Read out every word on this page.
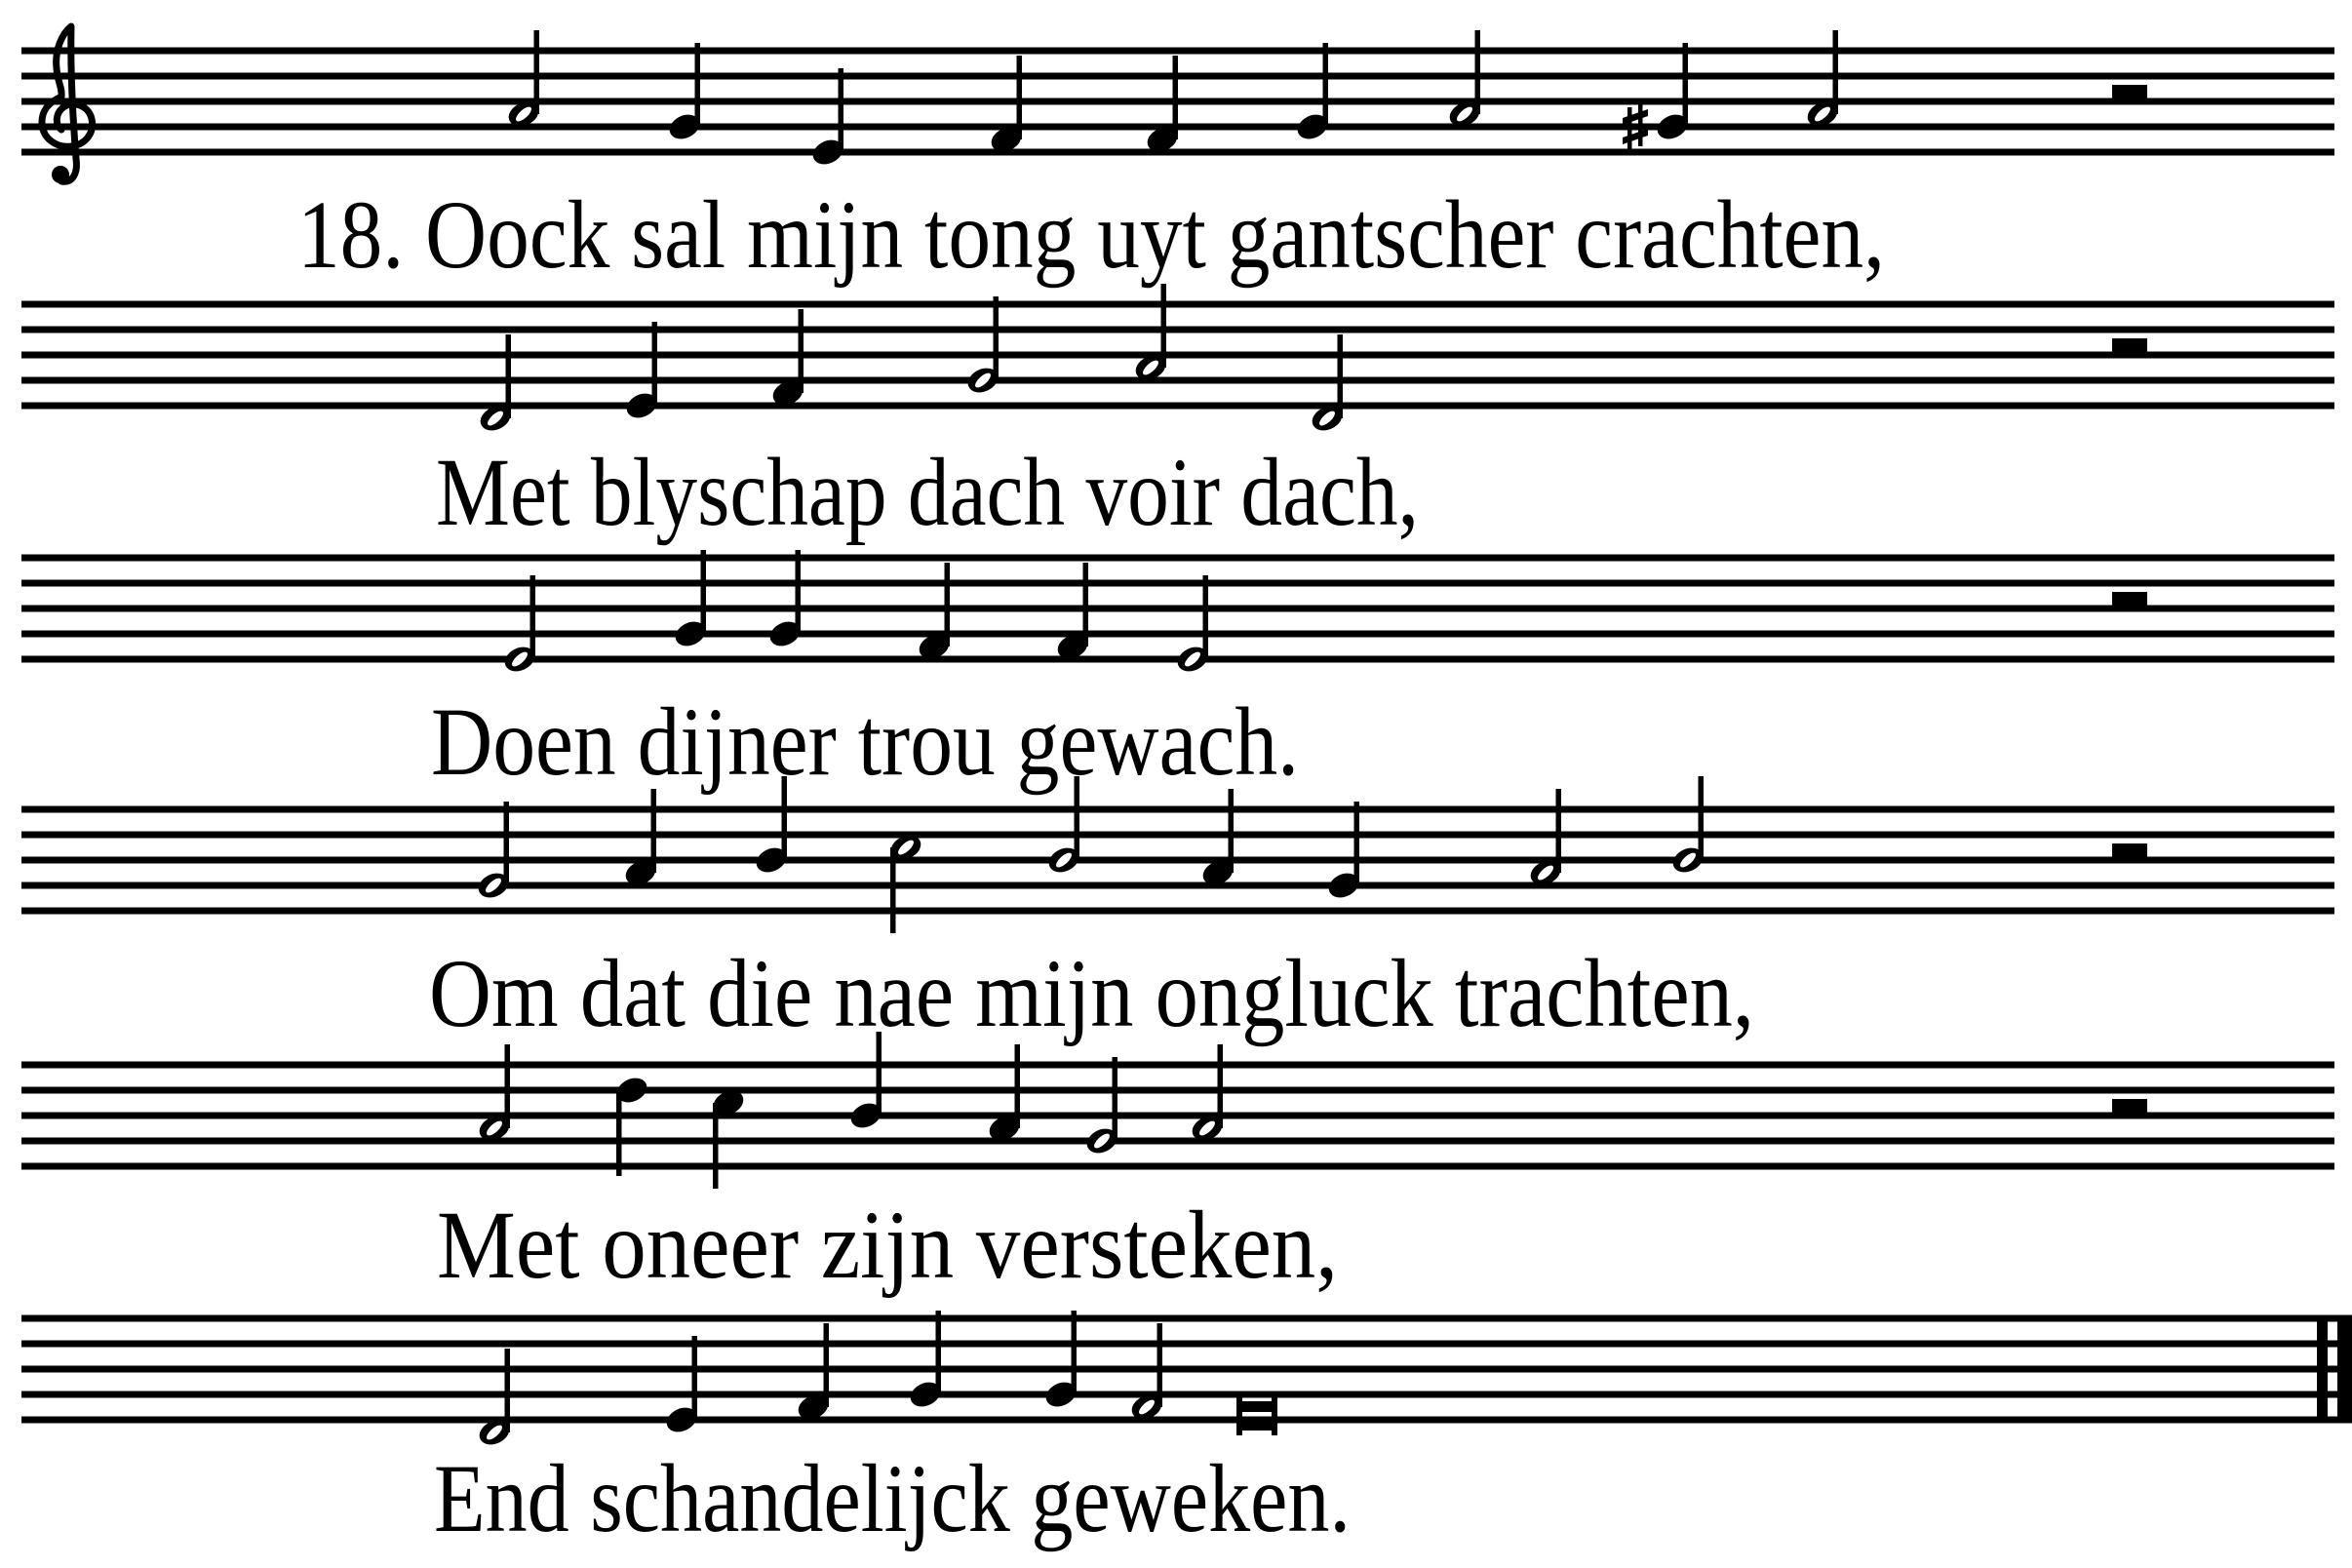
18. Oock sal mijn tong uyt gantscher crachten,
Met blyschap dach voir dach,
Doen dijner trou gewach.
Om dat die nae mijn ongluck trachten,
Met oneer zijn versteken,
End schandelijck geweken.
